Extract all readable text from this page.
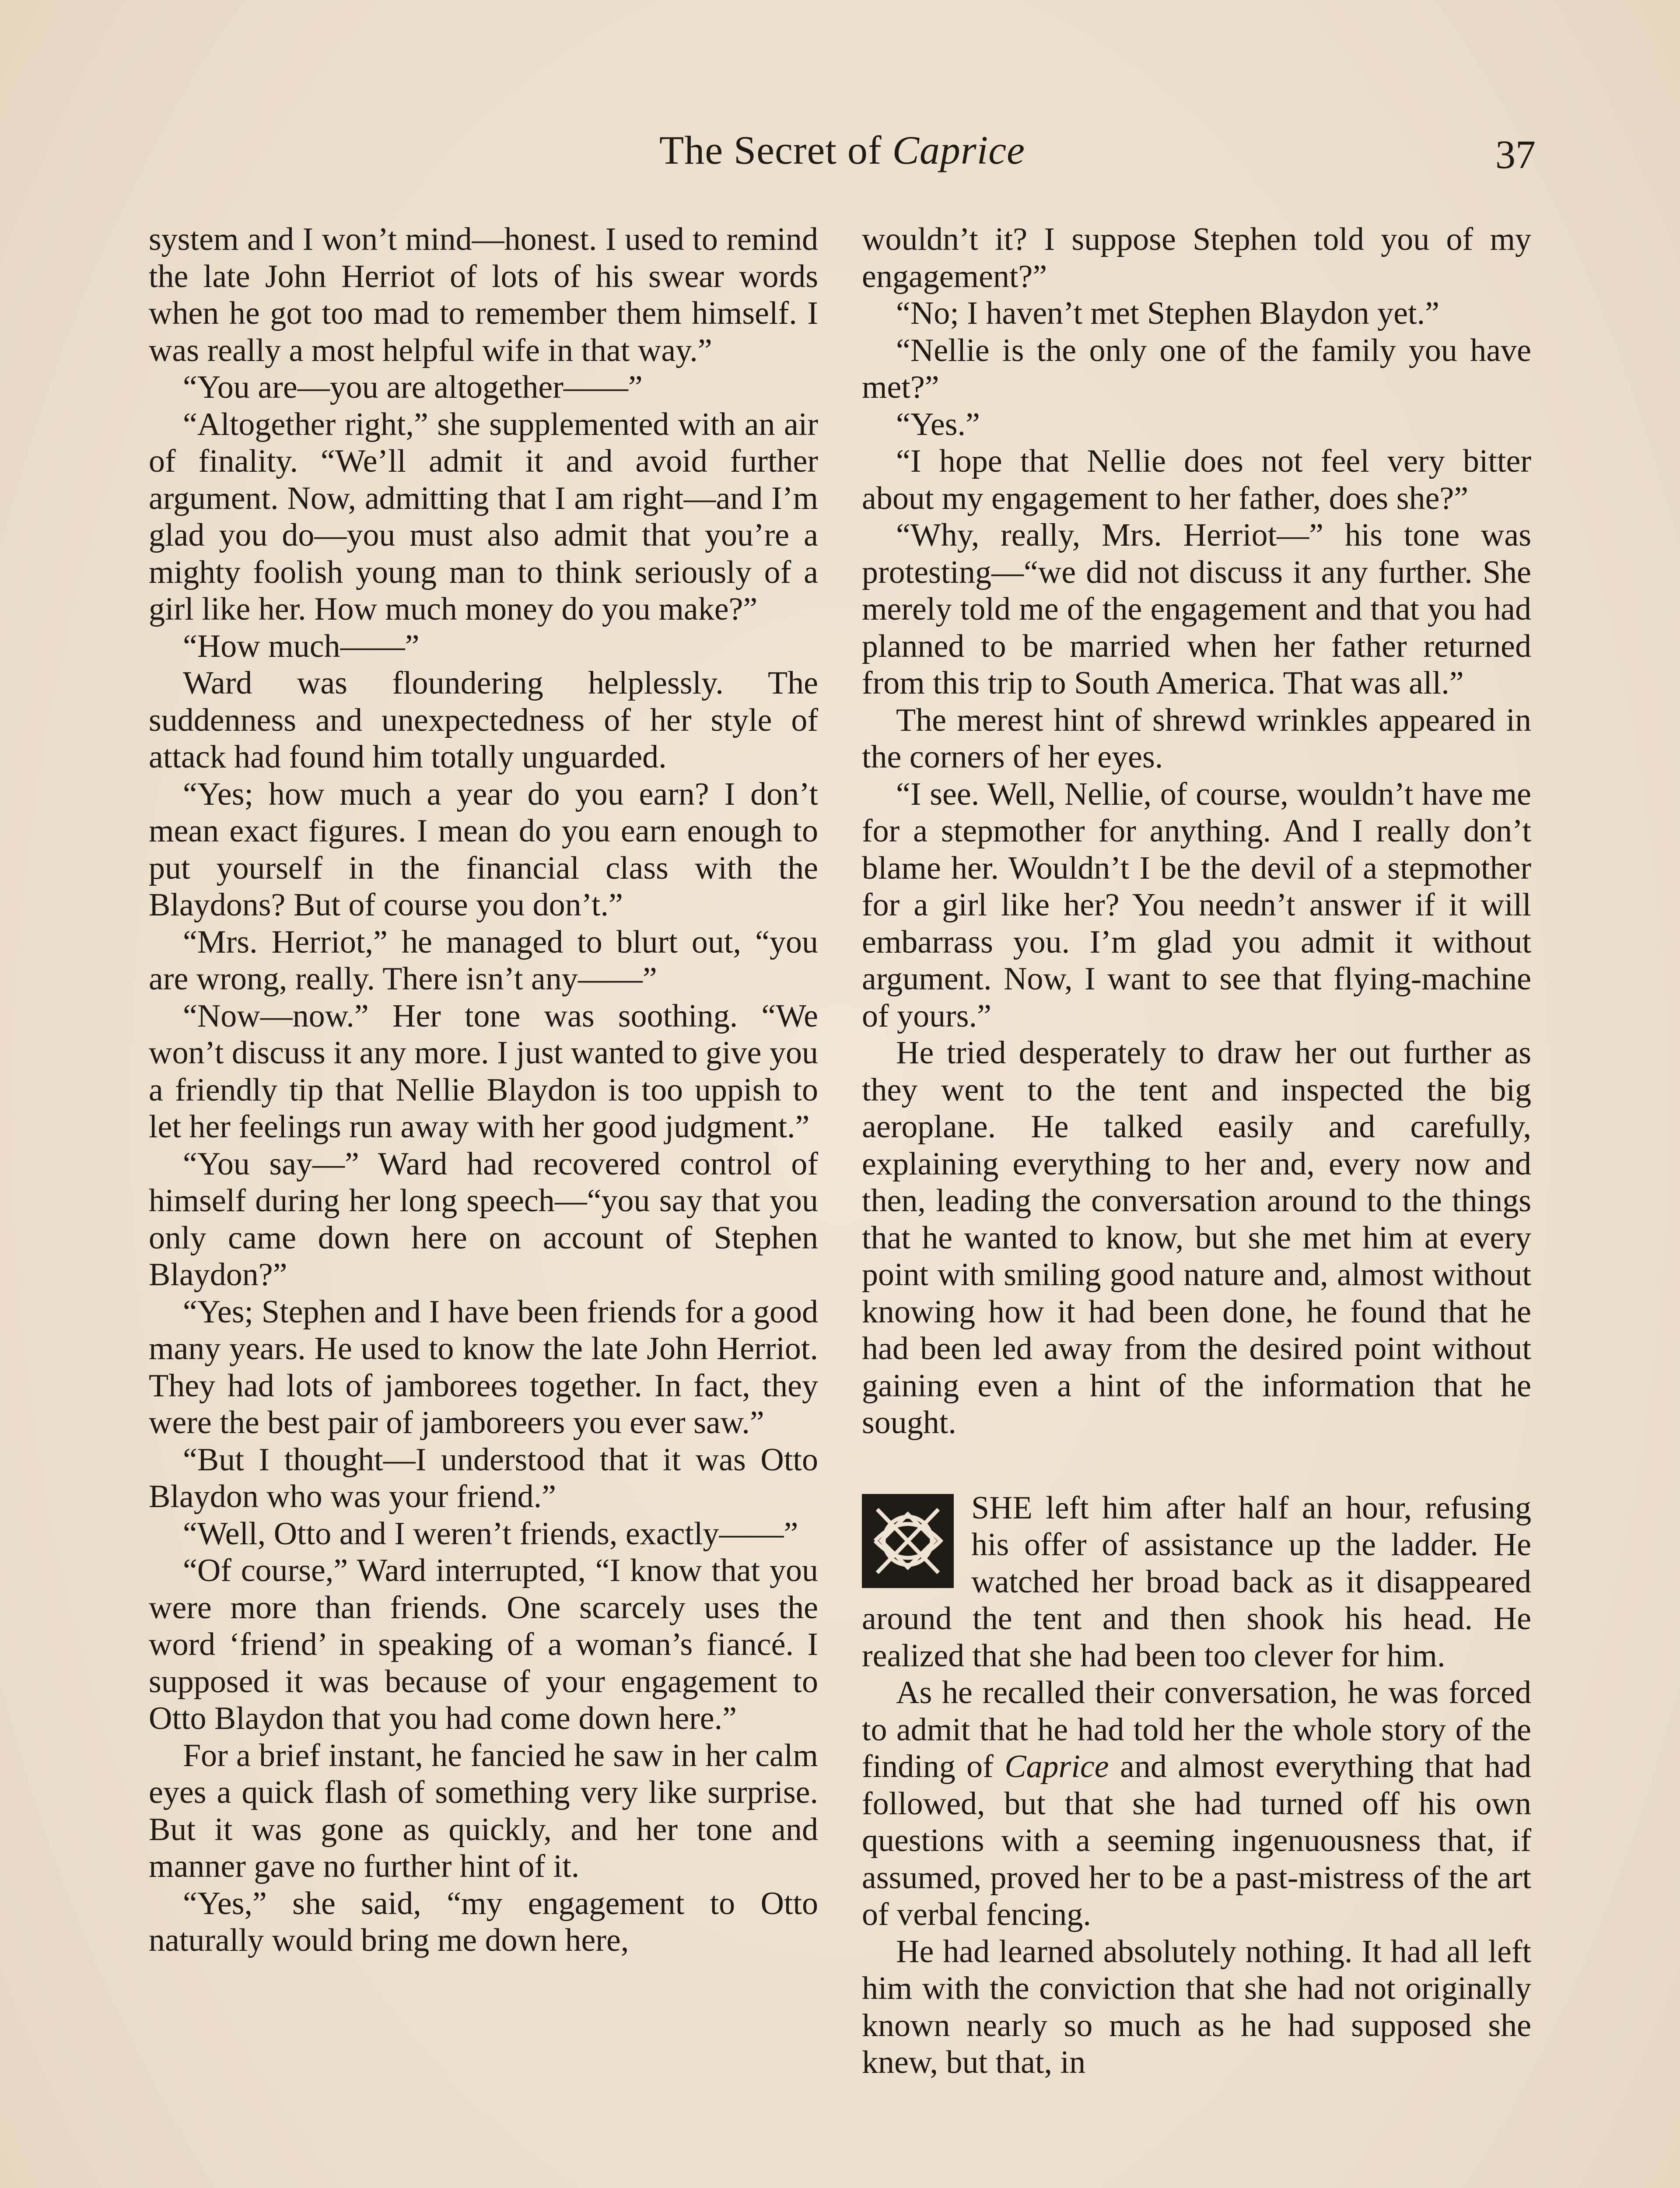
The Secret of Caprice	37

system and I won’t mind—honest. I used to remind the late John Herriot of lots of his swear words when he got too mad to remember them himself. I was really a most helpful wife in that way.”

“You are—you are altogether——”

“Altogether right,” she supplemented with an air of finality. “We’ll admit it and avoid further argument. Now, admitting that I am right—and I’m glad you do—you must also admit that you’re a mighty foolish young man to think seriously of a girl like her. How much money do you make?”

“How much——”

Ward was floundering helplessly. The suddenness and unexpectedness of her style of attack had found him totally unguarded.

“Yes; how much a year do you earn? I don’t mean exact figures. I mean do you earn enough to put yourself in the financial class with the Blaydons? But of course you don’t.”

“Mrs. Herriot,” he managed to blurt out, “you are wrong, really. There isn’t any——”

“Now—now.” Her tone was soothing. “We won’t discuss it any more. I just wanted to give you a friendly tip that Nellie Blaydon is too uppish to let her feelings run away with her good judgment.”

“You say—” Ward had recovered control of himself during her long speech—“you say that you only came down here on account of Stephen Blaydon?”

“Yes; Stephen and I have been friends for a good many years. He used to know the late John Herriot. They had lots of jamborees together. In fact, they were the best pair of jamboreers you ever saw.”

“But I thought—I understood that it was Otto Blaydon who was your friend.”

“Well, Otto and I weren’t friends, exactly——”

“Of course,” Ward interrupted, “I know that you were more than friends. One scarcely uses the word ‘friend’ in speaking of a woman’s fiancé. I supposed it was because of your engagement to Otto Blaydon that you had come down here.”

For a brief instant, he fancied he saw in her calm eyes a quick flash of something very like surprise. But it was gone as quickly, and her tone and manner gave no further hint of it.

“Yes,” she said, “my engagement to Otto naturally would bring me down here,

wouldn’t it? I suppose Stephen told you of my engagement?”

“No; I haven’t met Stephen Blaydon yet.”

“Nellie is the only one of the family you have met?”

“Yes.”

“I hope that Nellie does not feel very bitter about my engagement to her father, does she?”

“Why, really, Mrs. Herriot—” his tone was protesting—“we did not discuss it any further. She merely told me of the engagement and that you had planned to be married when her father returned from this trip to South America. That was all.”

The merest hint of shrewd wrinkles appeared in the corners of her eyes.

“I see. Well, Nellie, of course, wouldn’t have me for a stepmother for anything. And I really don’t blame her. Wouldn’t I be the devil of a stepmother for a girl like her? You needn’t answer if it will embarrass you. I’m glad you admit it without argument. Now, I want to see that flying-machine of yours.”

He tried desperately to draw her out further as they went to the tent and inspected the big aeroplane. He talked easily and carefully, explaining everything to her and, every now and then, leading the conversation around to the things that he wanted to know, but she met him at every point with smiling good nature and, almost without knowing how it had been done, he found that he had been led away from the desired point without gaining even a hint of the information that he sought.

SHE left him after half an hour, refusing his offer of assistance up the ladder. He watched her broad back as it disappeared around the tent and then shook his head. He realized that she had been too clever for him.

As he recalled their conversation, he was forced to admit that he had told her the whole story of the finding of Caprice and almost everything that had followed, but that she had turned off his own questions with a seeming ingenuousness that, if assumed, proved her to be a past-mistress of the art of verbal fencing.

He had learned absolutely nothing. It had all left him with the conviction that she had not originally known nearly so much as he had supposed she knew, but that, in
